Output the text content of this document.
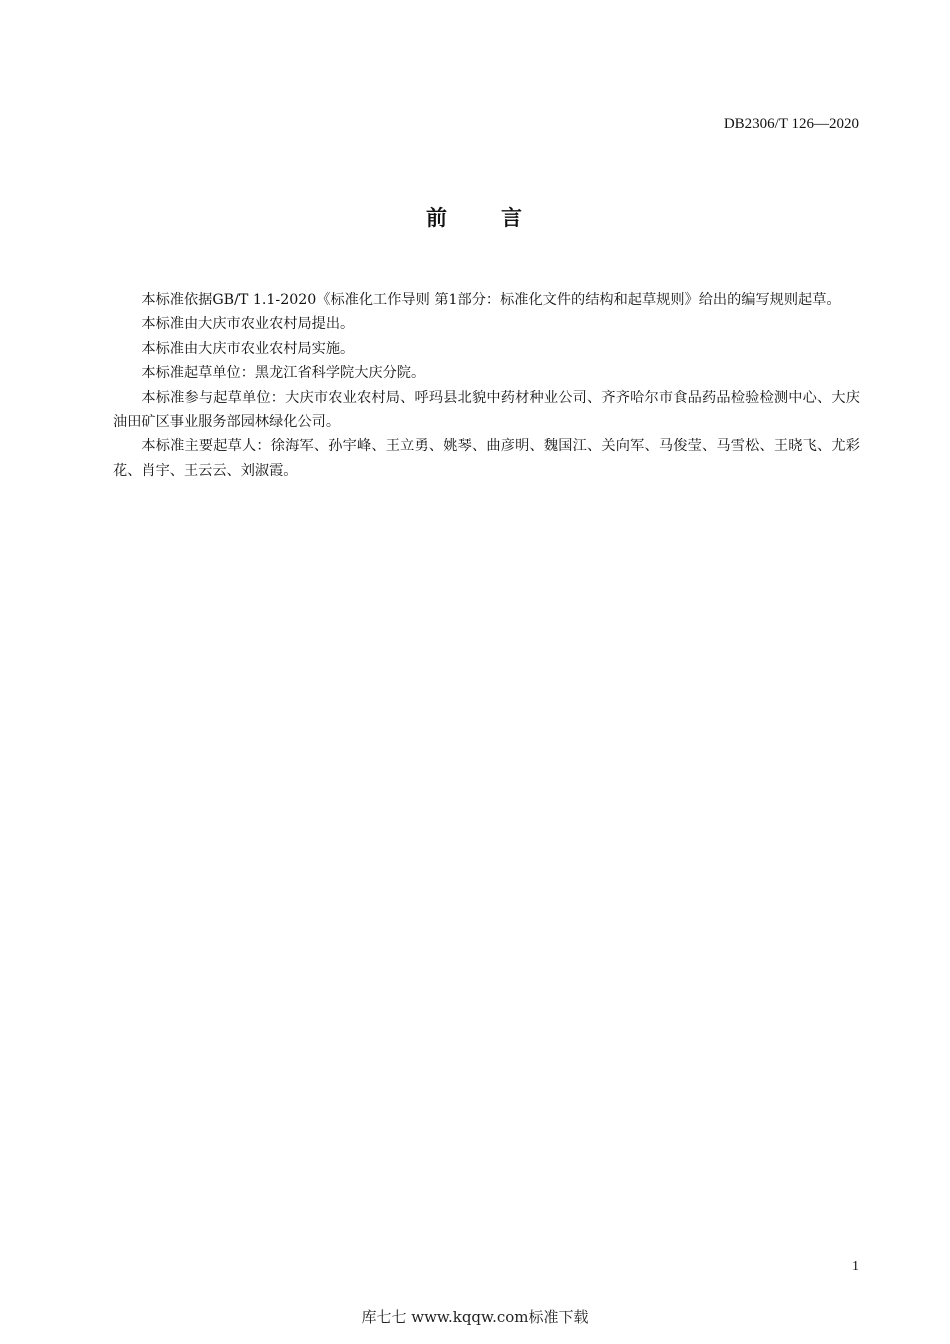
DB2306/T 126—2020
前 言

本标准依据GB/T 1.1-2020《标准化工作导则 第1部分：标准化文件的结构和起草规则》给出的编写规则起草。

本标准由大庆市农业农村局提出。

本标准由大庆市农业农村局实施。

本标准起草单位：黑龙江省科学院大庆分院。

本标准参与起草单位：大庆市农业农村局、呼玛县北貌中药材种业公司、齐齐哈尔市食品药品检验检测中心、大庆油田矿区事业服务部园林绿化公司。

本标准主要起草人：徐海军、孙宇峰、王立勇、姚琴、曲彦明、魏国江、关向军、马俊莹、马雪松、王晓飞、尤彩花、肖宇、王云云、刘淑霞。

1
库七七 www.kqqw.com标准下载
